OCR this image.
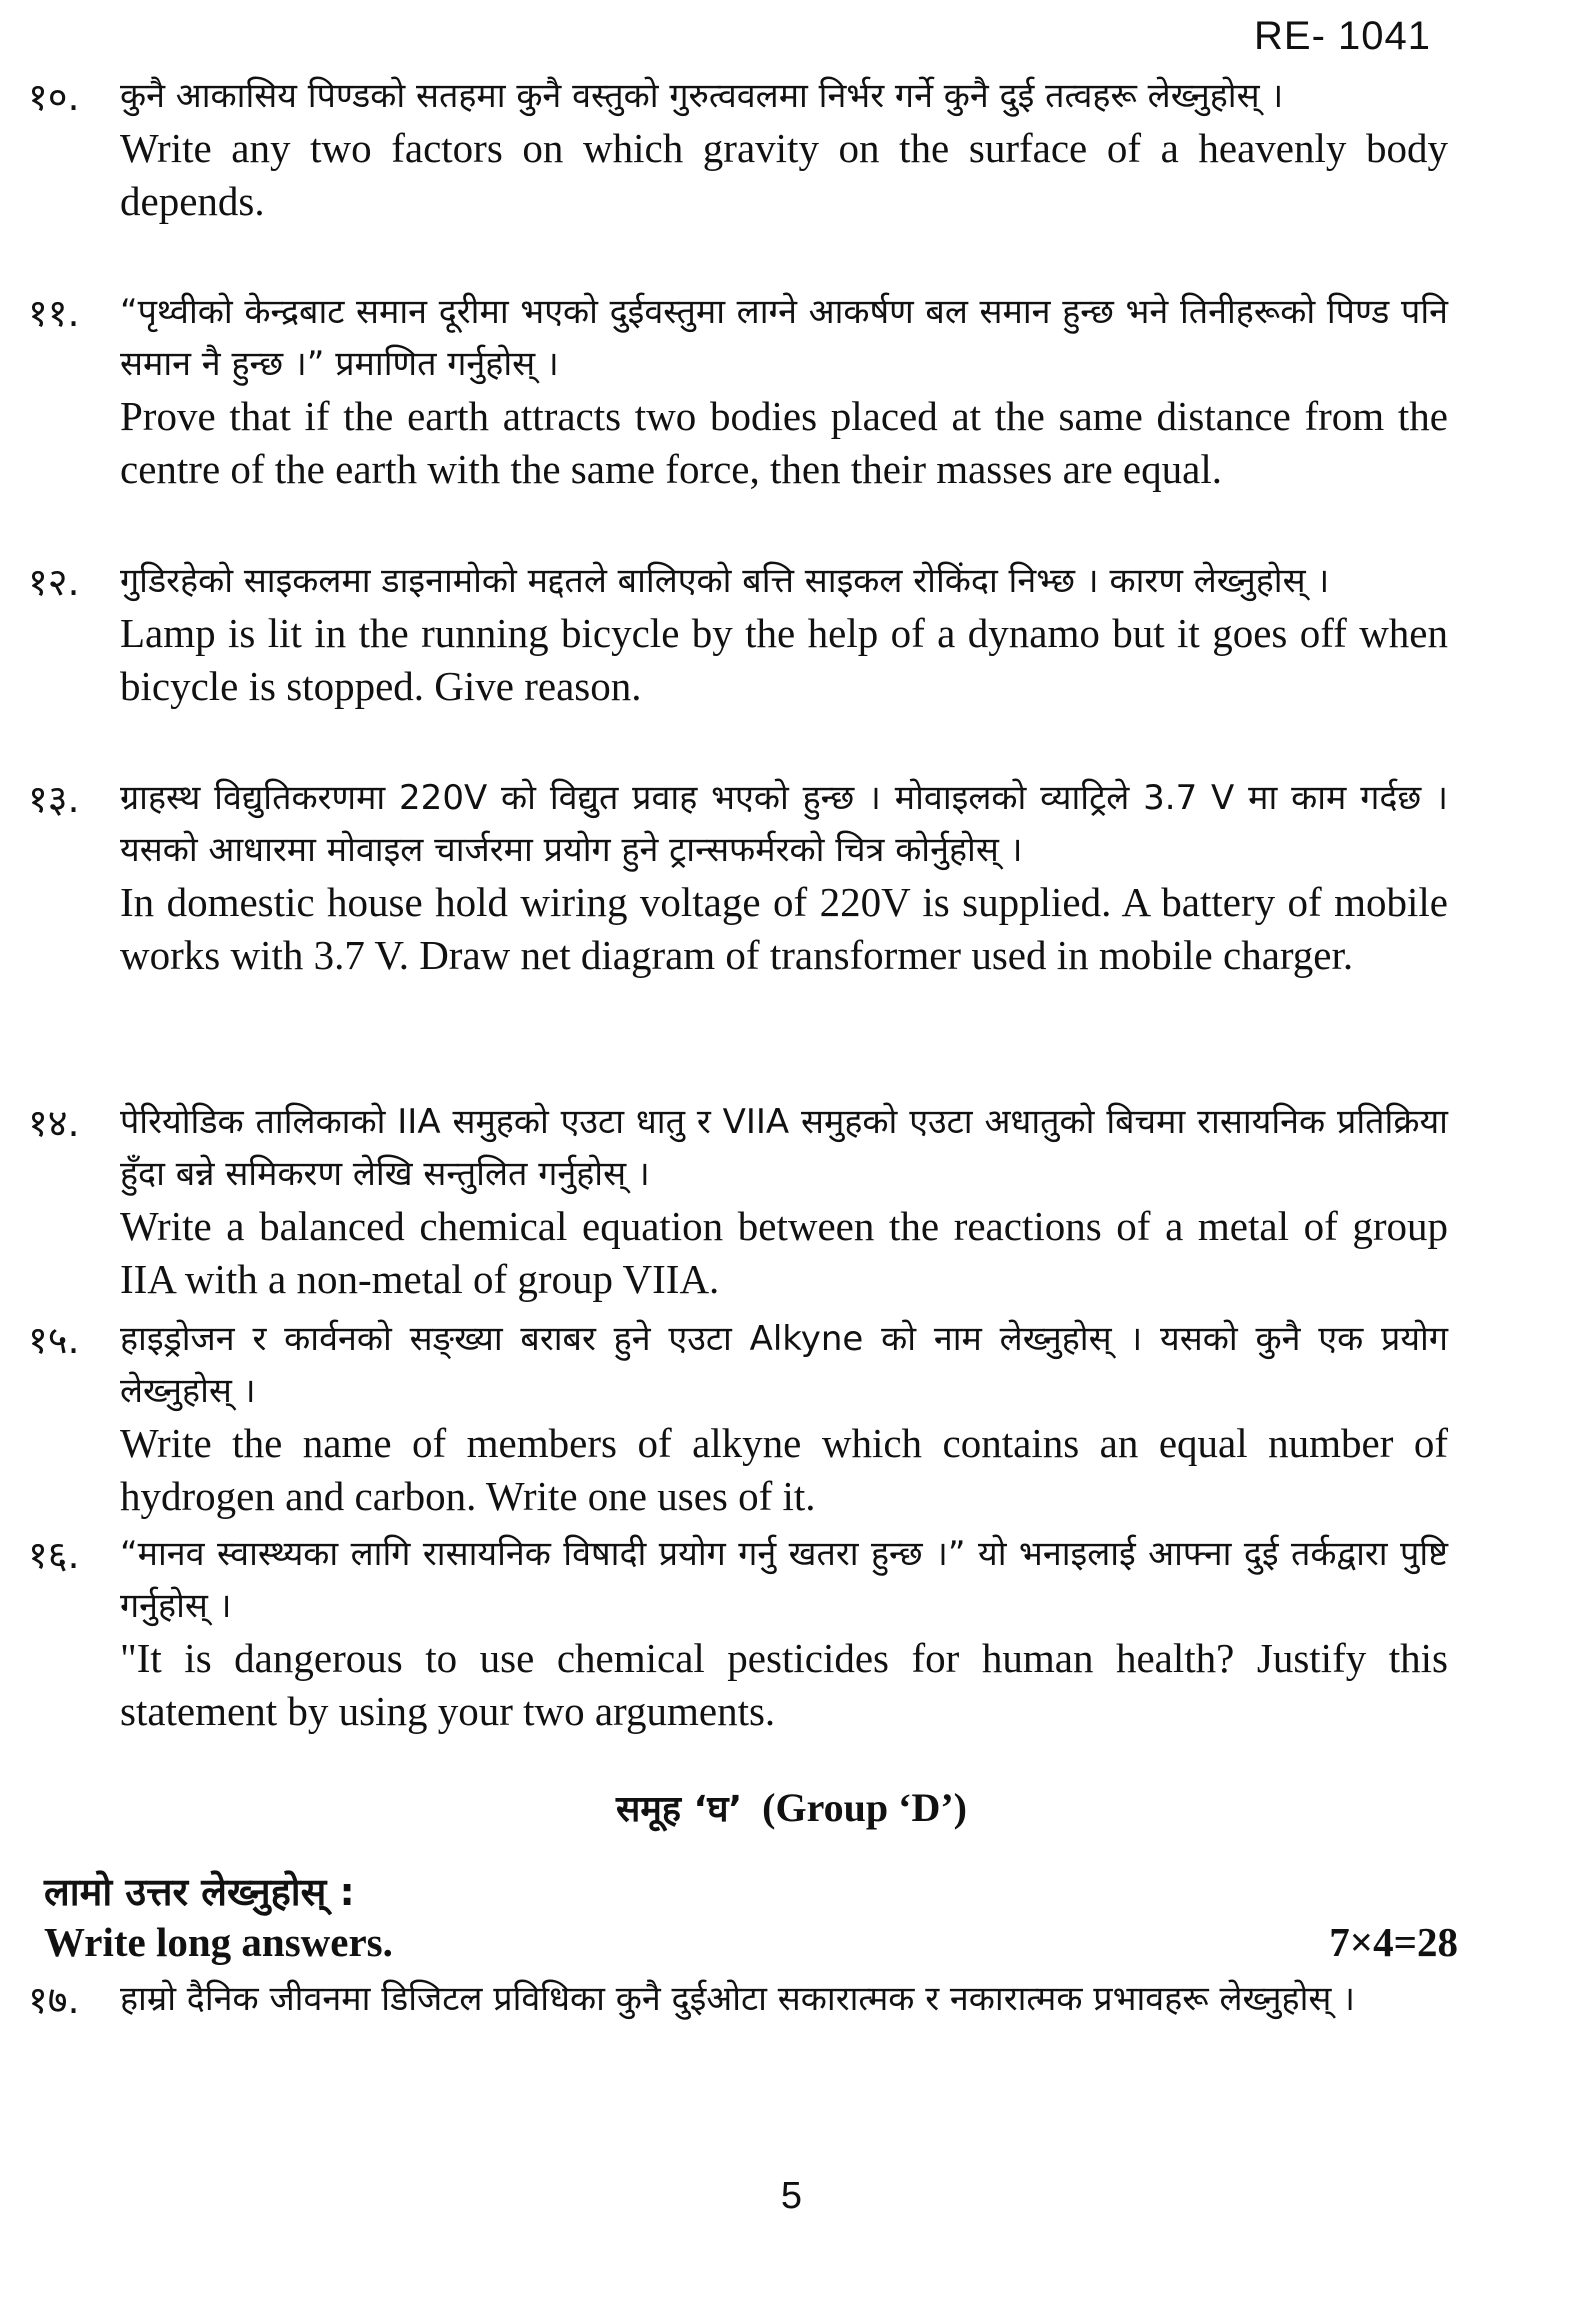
RE- 1041
१०. कुनै आकासिय पिण्डको सतहमा कुनै वस्तुको गुरुत्ववलमा निर्भर गर्ने कुनै दुई तत्वहरू लेख्नुहोस् ।

Write any two factors on which gravity on the surface of a heavenly body depends.

११. “पृथ्वीको केन्द्रबाट समान दूरीमा भएको दुईवस्तुमा लाग्ने आकर्षण बल समान हुन्छ भने तिनीहरूको पिण्ड पनि समान नै हुन्छ ।” प्रमाणित गर्नुहोस् ।

Prove that if the earth attracts two bodies placed at the same distance from the centre of the earth with the same force, then their masses are equal.

१२. गुडिरहेको साइकलमा डाइनामोको मद्दतले बालिएको बत्ति साइकल रोकिंदा निभ्छ । कारण लेख्नुहोस् ।

Lamp is lit in the running bicycle by the help of a dynamo but it goes off when bicycle is stopped. Give reason.

१३. ग्राहस्थ विद्युतिकरणमा 220V को विद्युत प्रवाह भएको हुन्छ । मोवाइलको व्याट्रिले 3.7 V मा काम गर्दछ । यसको आधारमा मोवाइल चार्जरमा प्रयोग हुने ट्रान्सफर्मरको चित्र कोर्नुहोस् ।

In domestic house hold wiring voltage of 220V is supplied. A battery of mobile works with 3.7 V. Draw net diagram of transformer used in mobile charger.

१४. पेरियोडिक तालिकाको IIA समुहको एउटा धातु र VIIA समुहको एउटा अधातुको बिचमा रासायनिक प्रतिक्रिया हुँदा बन्ने समिकरण लेखि सन्तुलित गर्नुहोस् ।

Write a balanced chemical equation between the reactions of a metal of group IIA with a non-metal of group VIIA.

१५. हाइड्रोजन र कार्वनको सङ्ख्या बराबर हुने एउटा Alkyne को नाम लेख्नुहोस् । यसको कुनै एक प्रयोग लेख्नुहोस् ।

Write the name of members of alkyne which contains an equal number of hydrogen and carbon. Write one uses of it.

१६. “मानव स्वास्थ्यका लागि रासायनिक विषादी प्रयोग गर्नु खतरा हुन्छ ।” यो भनाइलाई आफ्ना दुई तर्कद्वारा पुष्टि गर्नुहोस् ।

"It is dangerous to use chemical pesticides for human health? Justify this statement by using your two arguments.

समूह ‘घ’ (Group ‘D’)
लामो उत्तर लेख्नुहोस् :
Write long answers.	7×4=28
१७. हाम्रो दैनिक जीवनमा डिजिटल प्रविधिका कुनै दुईओटा सकारात्मक र नकारात्मक प्रभावहरू लेख्नुहोस् ।

5
